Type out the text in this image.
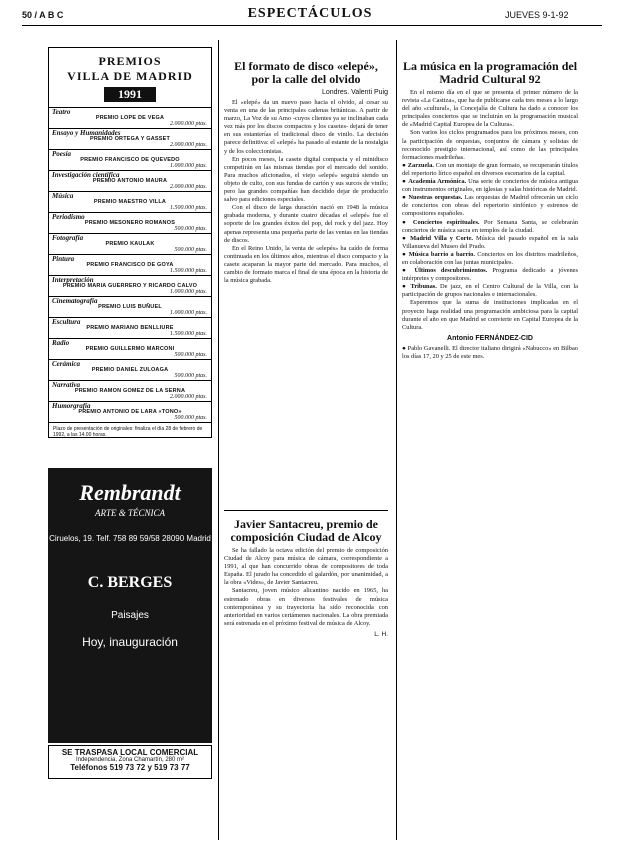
50 / A B C	ESPECTÁCULOS	JUEVES 9-1-92
PREMIOS
VILLA DE MADRID
1991
Teatro
PREMIO LOPE DE VEGA
2.000.000 ptas.
Ensayo y Humanidades
PREMIO ORTEGA Y GASSET
2.000.000 ptas.
Poesía
PREMIO FRANCISCO DE QUEVEDO
1.000.000 ptas.
Investigación científica
PREMIO ANTONIO MAURA
2.000.000 ptas.
Música
PREMIO MAESTRO VILLA
1.500.000 ptas.
Periodismo
PREMIO MESONERO ROMANOS
500.000 ptas.
Fotografía
PREMIO KAULAK
500.000 ptas.
Pintura
PREMIO FRANCISCO DE GOYA
1.500.000 ptas.
Interpretación
PREMIO MARIA GUERRERO Y RICARDO CALVO
1.000.000 ptas.
Cinematografía
PREMIO LUIS BUÑUEL
1.000.000 ptas.
Escultura
PREMIO MARIANO BENLLIURE
1.500.000 ptas.
Radio
PREMIO GUILLERMO MARCONI
500.000 ptas.
Cerámica
PREMIO DANIEL ZULOAGA
500.000 ptas.
Narrativa
PREMIO RAMON GOMEZ DE LA SERNA
2.000.000 ptas.
Humorgrafía
PREMIO ANTONIO DE LARA «TONO»
500.000 ptas.
Plazo de presentación de originales: finaliza el día 28 de febrero de 1992, a las 14.00 horas.
Rembrandt
ARTE & TÉCNICA
Ciruelos, 19. Telf. 758 89 59/58 28090 Madrid
C. BERGES
Paisajes
Hoy, inauguración
SE TRASPASA LOCAL COMERCIAL
Independencia, Zona Chamartín, 280 m²
Teléfonos 519 73 72 y 519 73 77
El formato de disco «elepé», por la calle del olvido
Londres. Valenti Puig

El «elepé» da un nuevo paso hacia el olvido, al cesar su venta en una de las principales cadenas británicas. A partir de marzo, La Voz de su Amo -cuyos clientes ya se inclinaban cada vez más por los discos compactos y los casetes- dejará de tener en sus estanterías el tradicional disco de vinilo. La decisión parece definitiva: el «elepé» ha pasado al estante de la nostalgia y de los coleccionistas.

En pocos meses, la casete digital compacta y el minidisco competirán en las mismas tiendas por el mercado del sonido. Para muchos aficionados, el viejo «elepé» seguirá siendo un objeto de culto, con sus fundas de cartón y sus surcos de vinilo; pero las grandes compañías han decidido dejar de producirlo salvo para ediciones especiales.

Con el disco de larga duración nació en 1948 la música grabada moderna, y durante cuatro décadas el «elepé» fue el soporte de los grandes éxitos del pop, del rock y del jazz. Hoy apenas representa una pequeña parte de las ventas en las tiendas de discos.

En el Reino Unido, la venta de «elepés» ha caído de forma continuada en los últimos años, mientras el disco compacto y la casete acaparan la mayor parte del mercado. Para muchos, el cambio de formato marca el final de una época en la historia de la música grabada.

Javier Santacreu, premio de composición Ciudad de Alcoy

Se ha fallado la octava edición del premio de composición Ciudad de Alcoy para música de cámara, correspondiente a 1991, al que han concurrido obras de compositores de toda España. El jurado ha concedido el galardón, por unanimidad, a la obra «Vides», de Javier Santacreu.

Santacreu, joven músico alicantino nacido en 1965, ha estrenado obras en diversos festivales de música contemporánea y su trayectoria ha sido reconocida con anterioridad en varios certámenes nacionales. La obra premiada será estrenada en el próximo festival de música de Alcoy.

L. H.
La música en la programación del Madrid Cultural 92

En el mismo día en el que se presenta el primer número de la revista «La Castiza», que ha de publicarse cada tres meses a lo largo del año «cultural», la Concejalía de Cultura ha dado a conocer los principales conciertos que se incluirán en la programación musical de «Madrid Capital Europea de la Cultura».

Son varios los ciclos programados para los próximos meses, con la participación de orquestas, conjuntos de cámara y solistas de reconocido prestigio internacional, así como de las principales formaciones madrileñas.

● Zarzuela. Con un montaje de gran formato, se recuperarán títulos del repertorio lírico español en diversos escenarios de la capital.

● Academia Armónica. Una serie de conciertos de música antigua con instrumentos originales, en iglesias y salas históricas de Madrid.

● Nuestras orquestas. Las orquestas de Madrid ofrecerán un ciclo de conciertos con obras del repertorio sinfónico y estrenos de compositores españoles.

● Conciertos espirituales. Por Semana Santa, se celebrarán conciertos de música sacra en templos de la ciudad.

● Madrid Villa y Corte. Música del pasado español en la sala Villanueva del Museo del Prado.

● Música barrio a barrio. Conciertos en los distritos madrileños, en colaboración con las juntas municipales.

● Últimos descubrimientos. Programa dedicado a jóvenes intérpretes y compositores.

● Tribunas. De jazz, en el Centro Cultural de la Villa, con la participación de grupos nacionales e internacionales.

Esperemos que la suma de instituciones implicadas en el proyecto haga realidad una programación ambiciosa para la capital durante el año en que Madrid se convierte en Capital Europea de la Cultura.

Antonio FERNÁNDEZ-CID
● Pablo Gavanelli. El director italiano dirigirá «Nabucco» en Bilbao los días 17, 20 y 25 de este mes.
